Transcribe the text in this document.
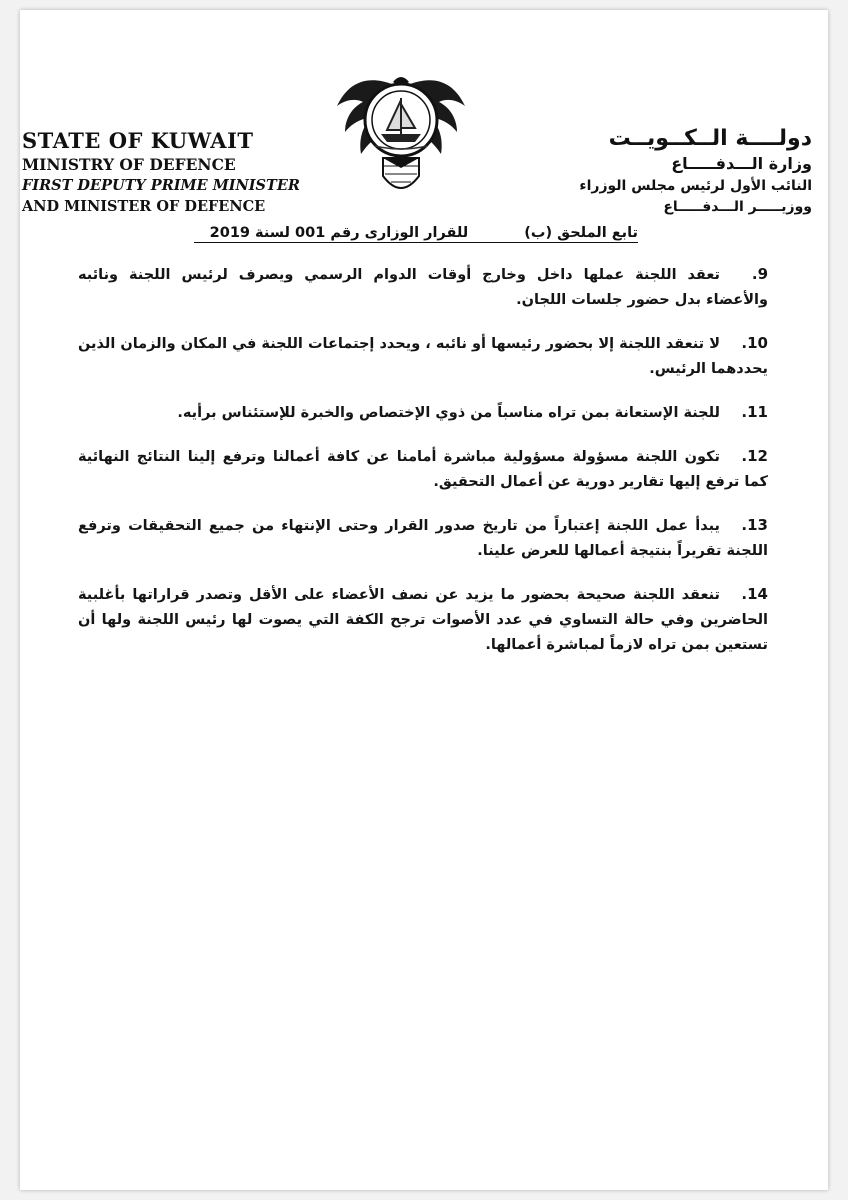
STATE OF KUWAIT
MINISTRY OF DEFENCE
FIRST DEPUTY PRIME MINISTER
AND MINISTER OF DEFENCE
دولــــة الــكــويــت
وزارة الـــدفـــــاع
النائب الأول لرئيس مجلس الوزراء
ووزيـــــر الـــدفـــــاع
تابع الملحق (ب)للقرار الوزارى رقم 001 لسنة 2019
9.تعقد اللجنة عملها داخل وخارج أوقات الدوام الرسمي ويصرف لرئيس اللجنة ونائبه والأعضاء بدل حضور جلسات اللجان.
10.لا تنعقد اللجنة إلا بحضور رئيسها أو نائبه ، ويحدد إجتماعات اللجنة في المكان والزمان الذين يحددهما الرئيس.
11.للجنة الإستعانة بمن تراه مناسباً من ذوي الإختصاص والخبرة للإستئناس برأيه.
12.تكون اللجنة مسؤولة مسؤولية مباشرة أمامنا عن كافة أعمالنا وترفع إلينا النتائج النهائية كما ترفع إليها تقارير دورية عن أعمال التحقيق.
13.يبدأ عمل اللجنة إعتباراً من تاريخ صدور القرار وحتى الإنتهاء من جميع التحقيقات وترفع اللجنة تقريراً بنتيجة أعمالها للعرض علينا.
14.تنعقد اللجنة صحيحة بحضور ما يزيد عن نصف الأعضاء على الأقل وتصدر قراراتها بأغلبية الحاضرين وفي حالة التساوي في عدد الأصوات ترجح الكفة التي يصوت لها رئيس اللجنة ولها أن تستعين بمن تراه لازماً لمباشرة أعمالها.
